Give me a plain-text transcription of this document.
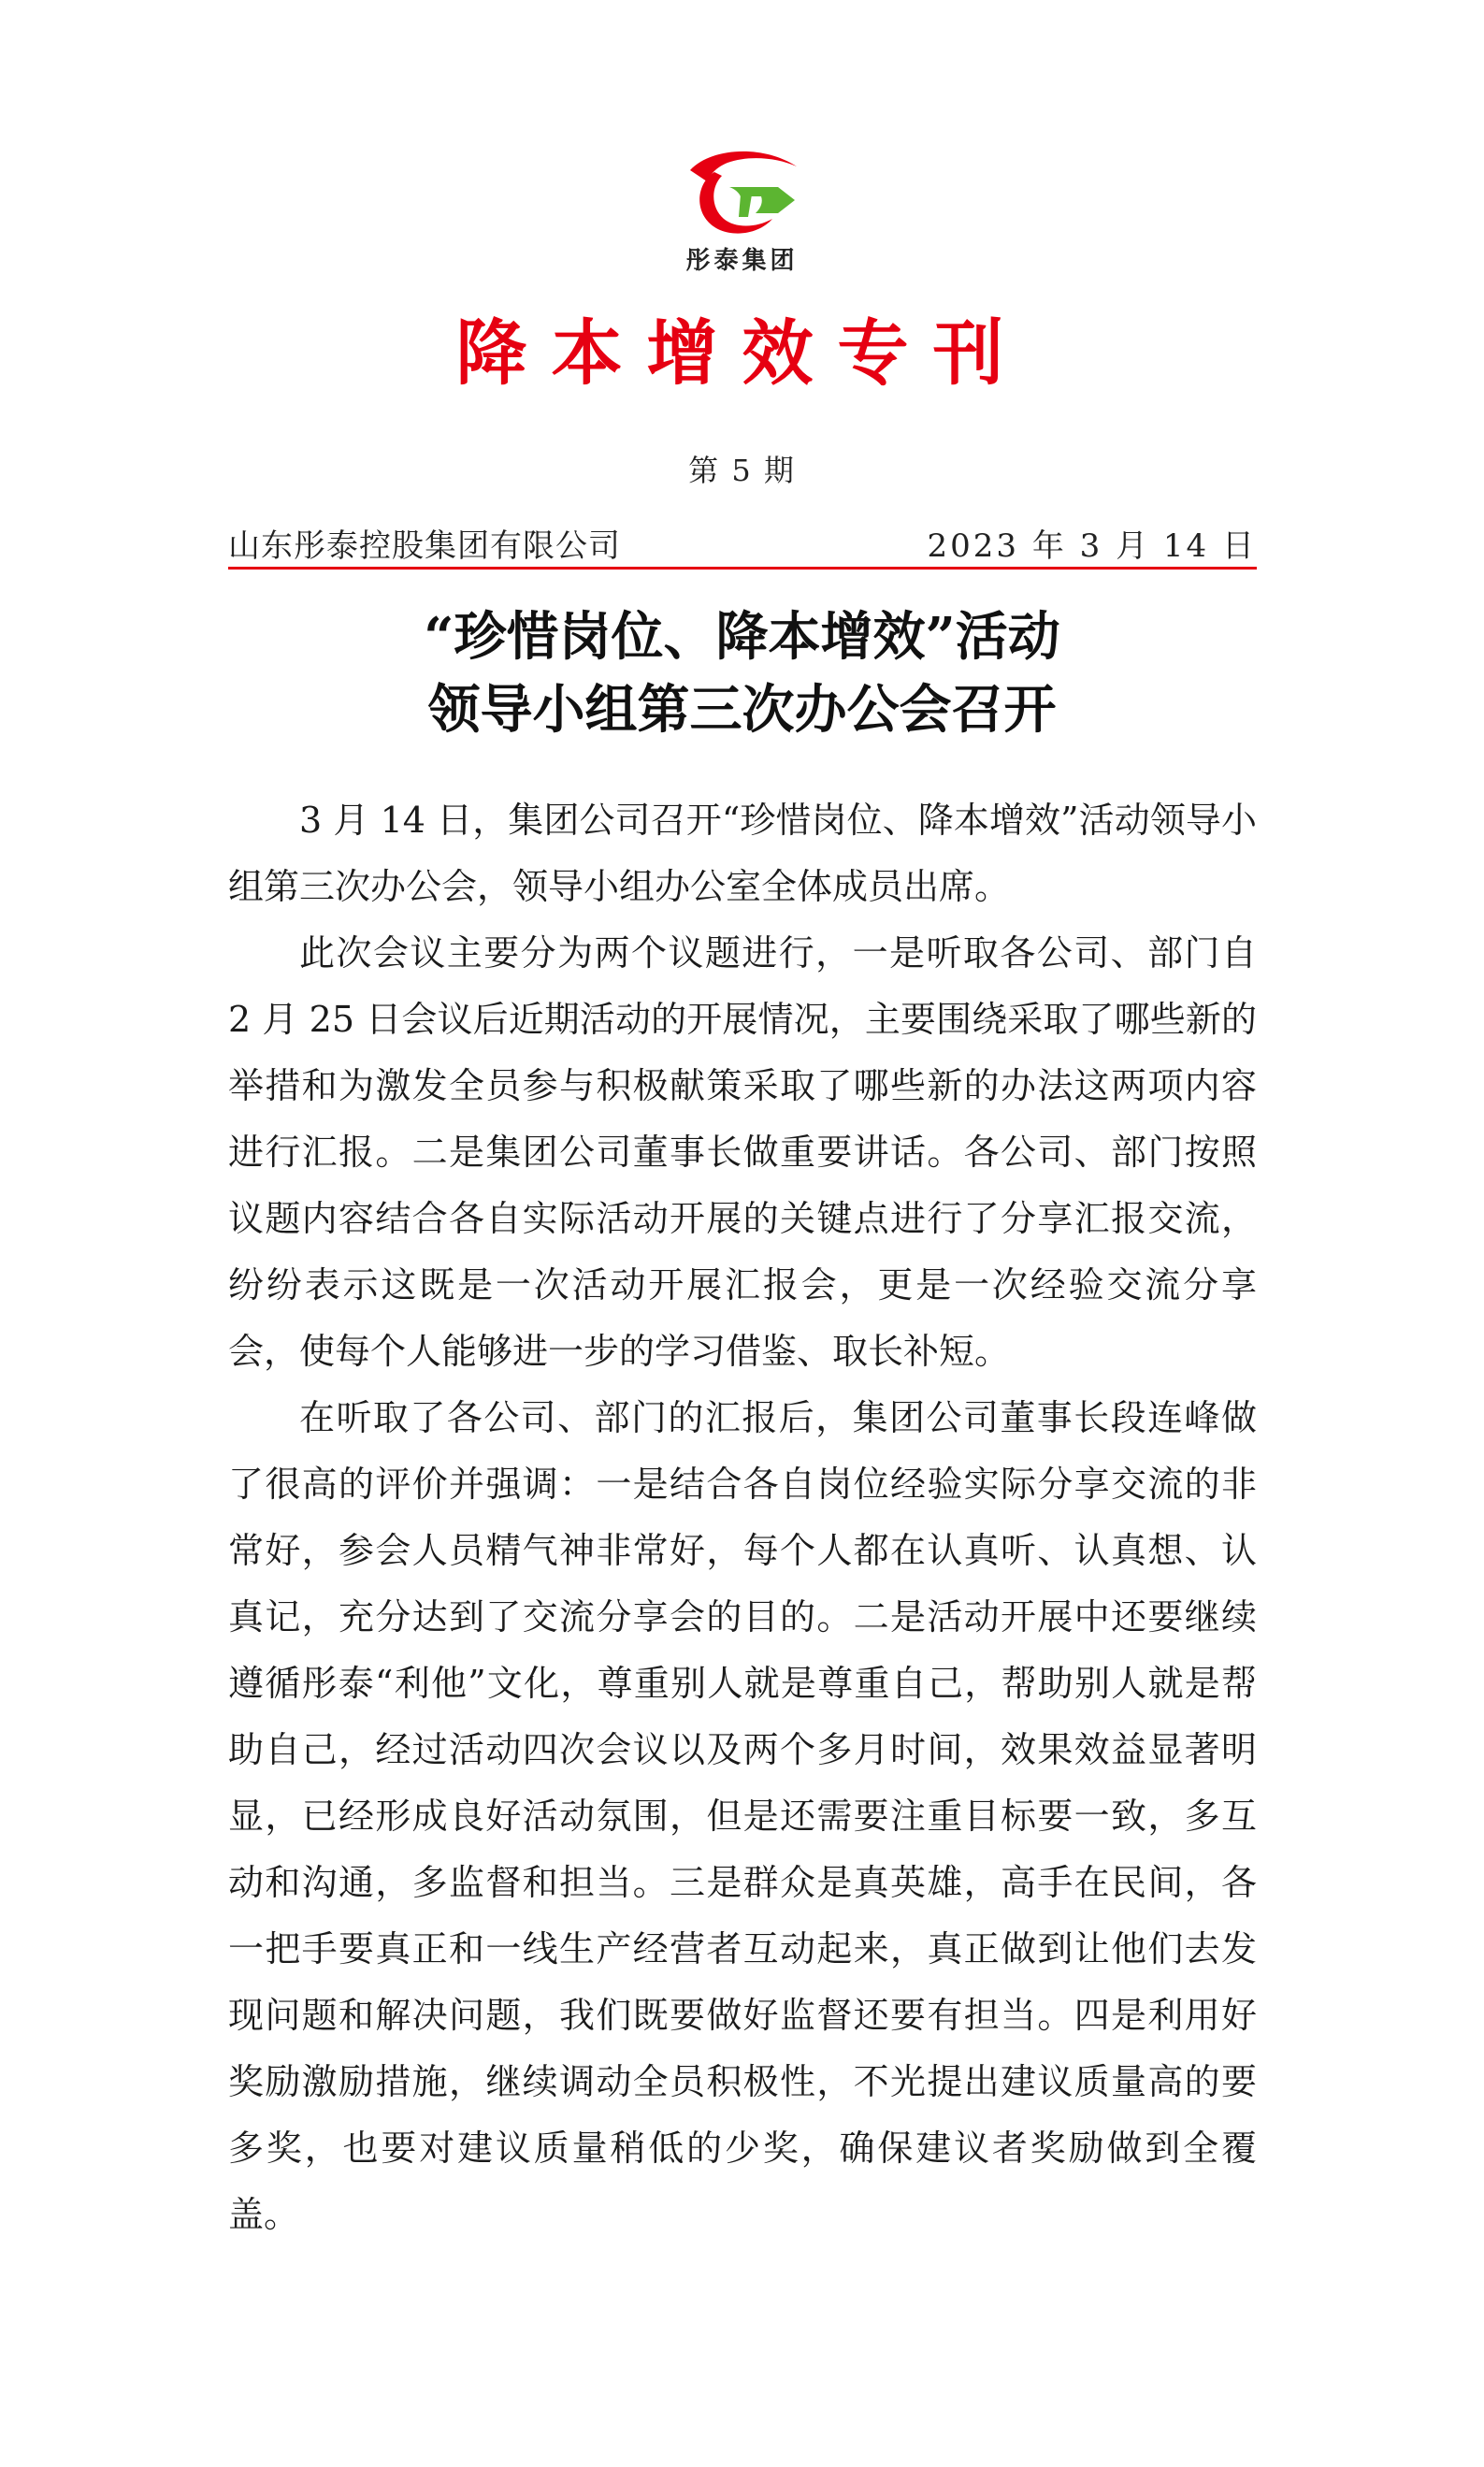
彤泰集团
降本增效专刊
第 5 期
山东彤泰控股集团有限公司	2023 年 3 月 14 日
“珍惜岗位、降本增效”活动
领导小组第三次办公会召开

3 月 14 日，集团公司召开“珍惜岗位、降本增效”活动领导小组第三次办公会，领导小组办公室全体成员出席。

此次会议主要分为两个议题进行，一是听取各公司、部门自 2 月 25 日会议后近期活动的开展情况，主要围绕采取了哪些新的举措和为激发全员参与积极献策采取了哪些新的办法这两项内容进行汇报。二是集团公司董事长做重要讲话。各公司、部门按照议题内容结合各自实际活动开展的关键点进行了分享汇报交流，纷纷表示这既是一次活动开展汇报会，更是一次经验交流分享会，使每个人能够进一步的学习借鉴、取长补短。

在听取了各公司、部门的汇报后，集团公司董事长段连峰做了很高的评价并强调：一是结合各自岗位经验实际分享交流的非常好，参会人员精气神非常好，每个人都在认真听、认真想、认真记，充分达到了交流分享会的目的。二是活动开展中还要继续遵循彤泰“利他”文化，尊重别人就是尊重自己，帮助别人就是帮助自己，经过活动四次会议以及两个多月时间，效果效益显著明显，已经形成良好活动氛围，但是还需要注重目标要一致，多互动和沟通，多监督和担当。三是群众是真英雄，高手在民间，各一把手要真正和一线生产经营者互动起来，真正做到让他们去发现问题和解决问题，我们既要做好监督还要有担当。四是利用好奖励激励措施，继续调动全员积极性，不光提出建议质量高的要多奖，也要对建议质量稍低的少奖，确保建议者奖励做到全覆盖。
